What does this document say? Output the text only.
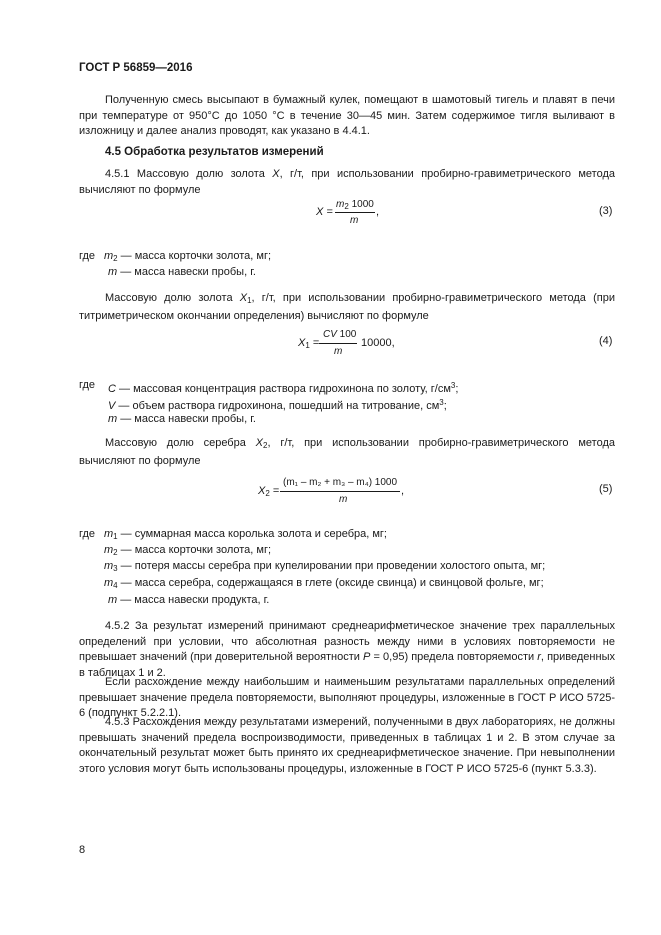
ГОСТ Р 56859—2016
Полученную смесь высыпают в бумажный кулек, помещают в шамотовый тигель и плавят в печи при температуре от 950°С до 1050 °С в течение 30—45 мин. Затем содержимое тигля выливают в изложницу и далее анализ проводят, как указано в 4.4.1.
4.5 Обработка результатов измерений
4.5.1 Массовую долю золота X, г/т, при использовании пробирно-гравиметрического метода вычисляют по формуле
X =
$m_2$ 1000
m
,	(3)
где $m_2$ — масса корточки золота, мг;
m — масса навески пробы, г.
Массовую долю золота $X_1$, г/т, при использовании пробирно-гравиметрического метода (при титриметрическом окончании определения) вычисляют по формуле
$X_1$ =
CV 100
m
10000,	(4)
где C — массовая концентрация раствора гидрохинона по золоту, $г/см^3$;
V — объем раствора гидрохинона, пошедший на титрование, $см^3$;
m — масса навески пробы, г.
Массовую долю серебра $X_2$, г/т, при использовании пробирно-гравиметрического метода вычисляют по формуле
$X_2$ =
(m₁ – m₂ + m₃ – m₄) 1000
m
,	(5)
где $m_1$ — суммарная масса королька золота и серебра, мг;
$m_2$ — масса корточки золота, мг;
$m_3$ — потеря массы серебра при купелировании при проведении холостого опыта, мг;
$m_4$ — масса серебра, содержащаяся в глете (оксиде свинца) и свинцовой фольге, мг;
m — масса навески продукта, г.
4.5.2 За результат измерений принимают среднеарифметическое значение трех параллельных определений при условии, что абсолютная разность между ними в условиях повторяемости не превышает значений (при доверительной вероятности P = 0,95) предела повторяемости r, приведенных в таблицах 1 и 2.
Если расхождение между наибольшим и наименьшим результатами параллельных определений превышает значение предела повторяемости, выполняют процедуры, изложенные в ГОСТ Р ИСО 5725-6 (подпункт 5.2.2.1).
4.5.3 Расхождения между результатами измерений, полученными в двух лабораториях, не должны превышать значений предела воспроизводимости, приведенных в таблицах 1 и 2. В этом случае за окончательный результат может быть принято их среднеарифметическое значение. При невыполнении этого условия могут быть использованы процедуры, изложенные в ГОСТ Р ИСО 5725-6 (пункт 5.3.3).
8
